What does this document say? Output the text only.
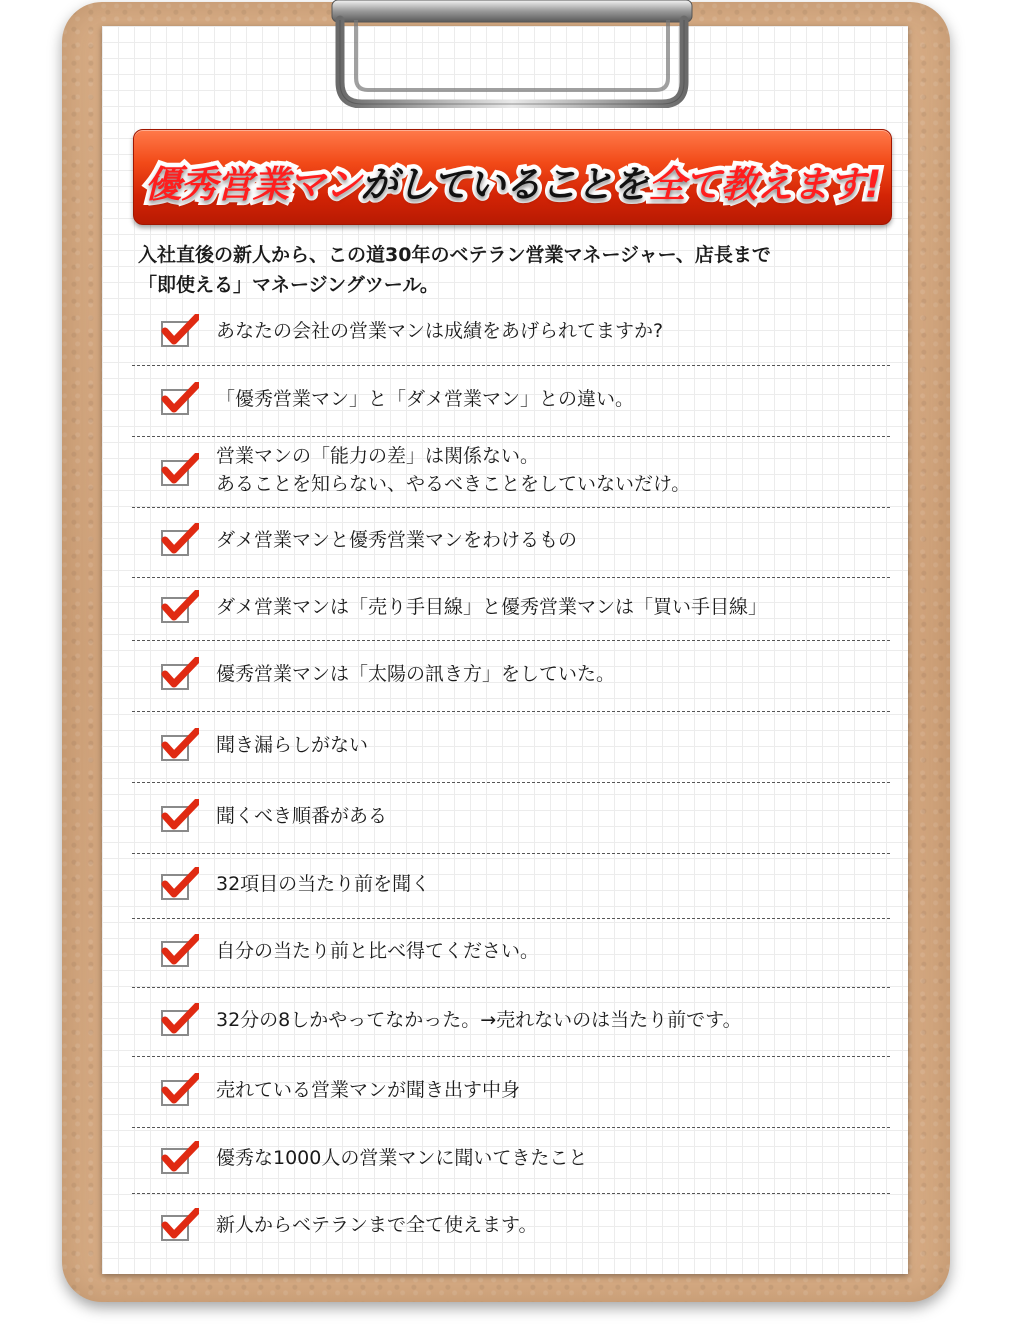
優秀営業マンがしていることを全て教えます!
入社直後の新人から、この道30年のベテラン営業マネージャー、店長まで
「即使える」マネージングツール。
あなたの会社の営業マンは成績をあげられてますか?
「優秀営業マン」と「ダメ営業マン」との違い。
営業マンの「能力の差」は関係ない。
あることを知らない、やるべきことをしていないだけ。
ダメ営業マンと優秀営業マンをわけるもの
ダメ営業マンは「売り手目線」と優秀営業マンは「買い手目線」
優秀営業マンは「太陽の訊き方」をしていた。
聞き漏らしがない
聞くべき順番がある
32項目の当たり前を聞く
自分の当たり前と比べ得てください。
32分の8しかやってなかった。→売れないのは当たり前です。
売れている営業マンが聞き出す中身
優秀な1000人の営業マンに聞いてきたこと
新人からベテランまで全て使えます。
